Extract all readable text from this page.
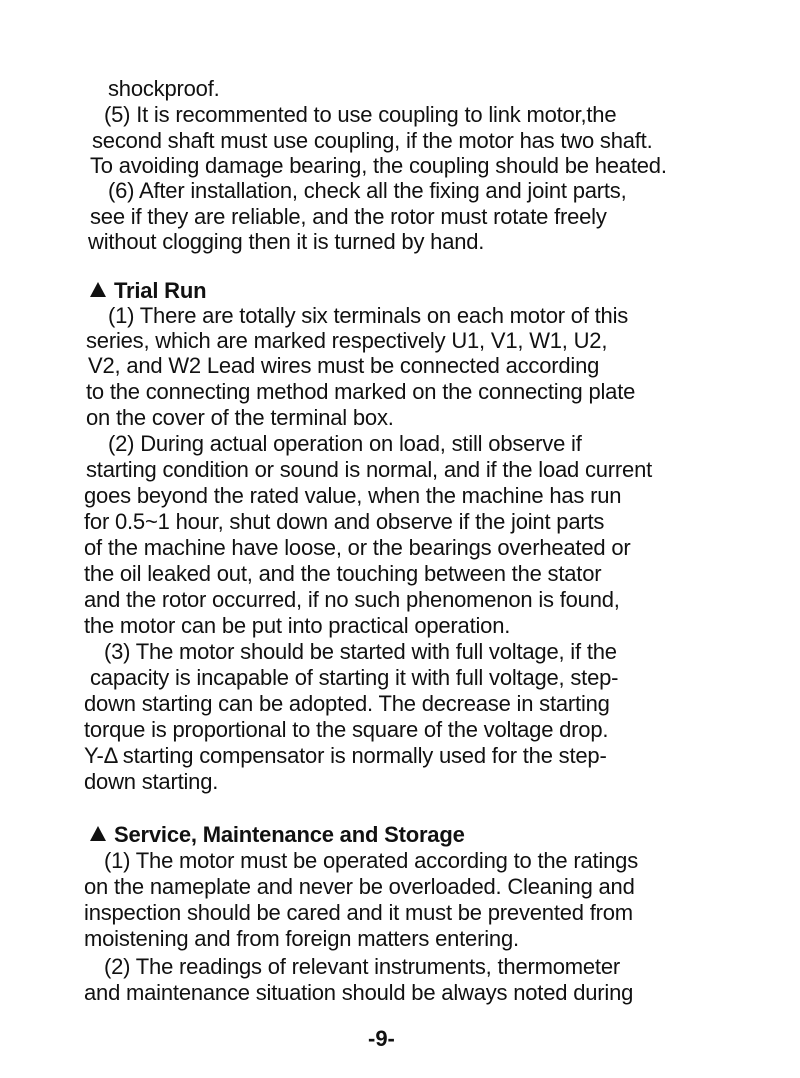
shockproof.
(5) It is recommented to use coupling to link motor,the
second shaft must use coupling, if the motor has two shaft.
To avoiding damage bearing, the coupling should be heated.
(6) After installation, check all the fixing and joint parts,
see if they are reliable, and the rotor must rotate freely
without clogging then it is turned by hand.
Trial Run
(1) There are totally six terminals on each motor of this
series, which are marked respectively U1, V1, W1, U2,
V2, and W2 Lead wires must be connected according
to the connecting method marked on the connecting plate
on the cover of the terminal box.
(2) During actual operation on load, still observe if
starting condition or sound is normal, and if the load current
goes beyond the rated value, when the machine has run
for 0.5~1 hour, shut down and observe if the joint parts
of the machine have loose, or the bearings overheated or
the oil leaked out, and the touching between the stator
and the rotor occurred, if no such phenomenon is found,
the motor can be put into practical operation.
(3) The motor should be started with full voltage, if the
capacity is incapable of starting it with full voltage, step-
down starting can be adopted. The decrease in starting
torque is proportional to the square of the voltage drop.
Y-Δ starting compensator is normally used for the step-
down starting.
Service, Maintenance and Storage
(1) The motor must be operated according to the ratings
on the nameplate and never be overloaded. Cleaning and
inspection should be cared and it must be prevented from
moistening and from foreign matters entering.
(2) The readings of relevant instruments, thermometer
and maintenance situation should be always noted during
-9-
